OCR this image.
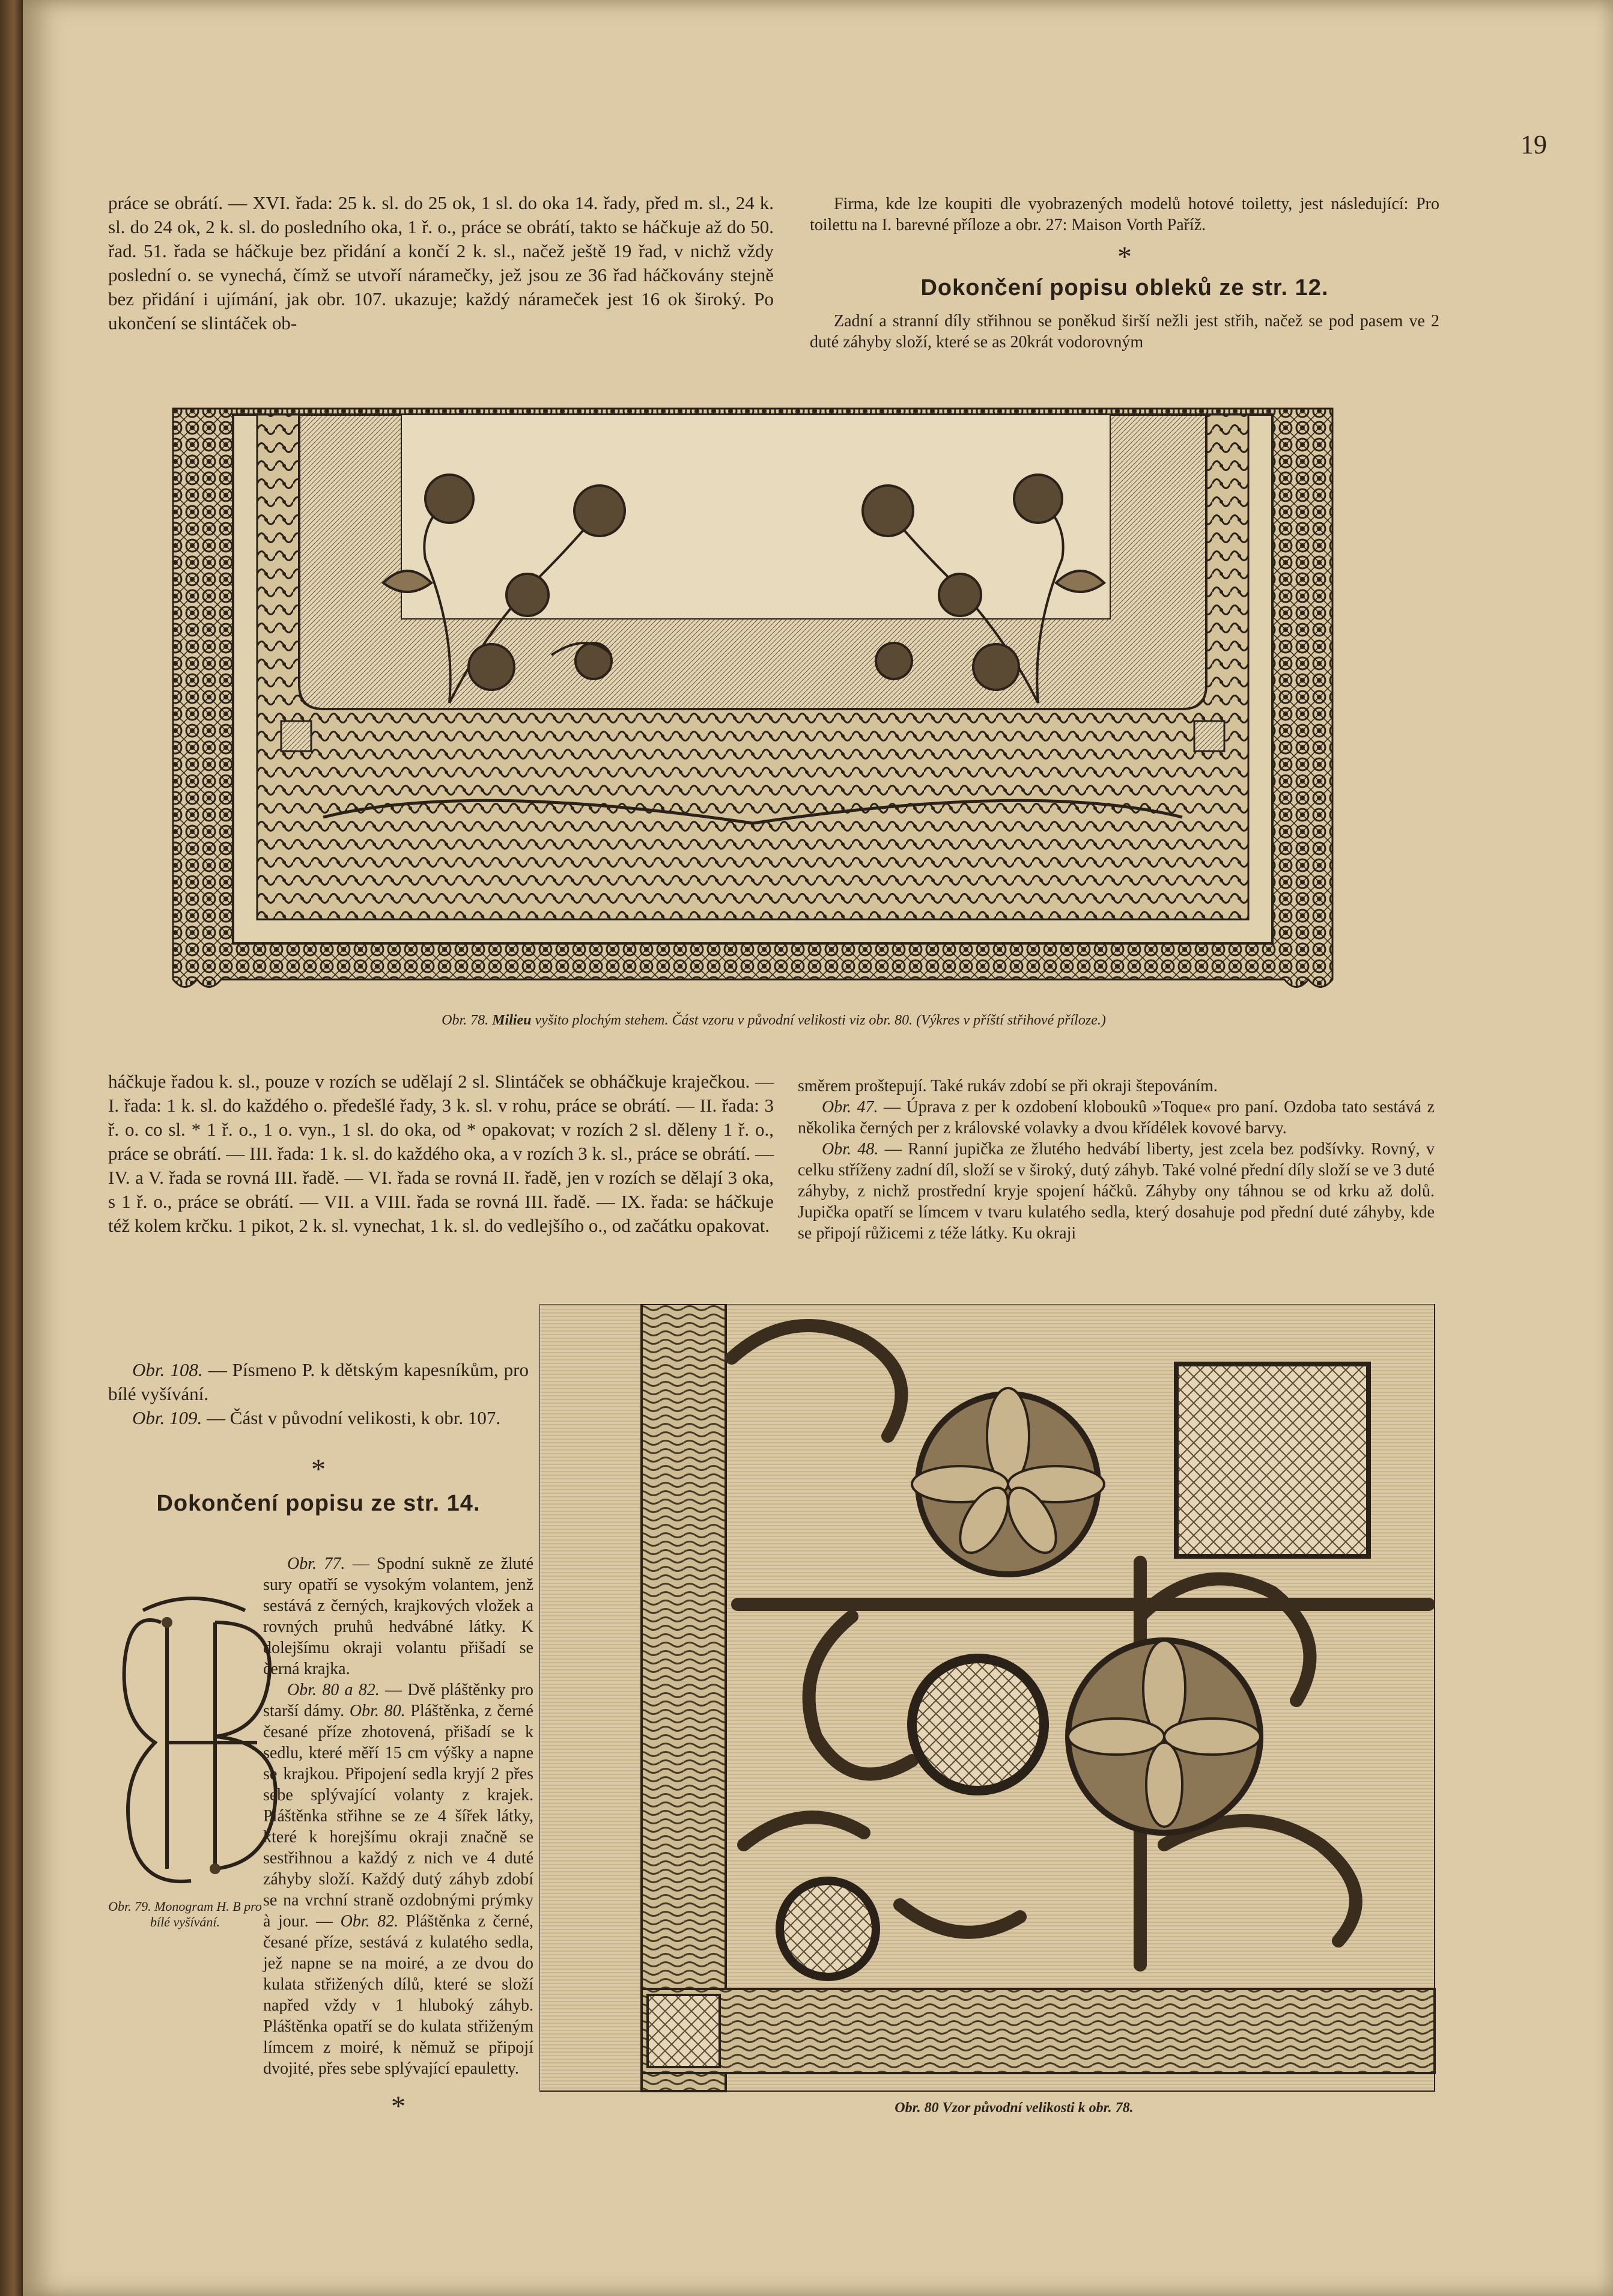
19

práce se obrátí. — XVI. řada: 25 k. sl. do 25 ok, 1 sl. do oka 14. řady, před m. sl., 24 k. sl. do 24 ok, 2 k. sl. do posledního oka, 1 ř. o., práce se obrátí, takto se háčkuje až do 50. řad. 51. řada se háčkuje bez přidání a končí 2 k. sl., načež ještě 19 řad, v nichž vždy poslední o. se vynechá, čímž se utvoří náramečky, jež jsou ze 36 řad háčkovány stejně bez přidání i ujímání, jak obr. 107. ukazuje; každý náramеček jest 16 ok široký. Po ukončení se slintáček ob-

Firma, kde lze koupiti dle vyobrazených modelů hotové toiletty, jest následující: Pro toilettu na I. barevné příloze a obr. 27: Maison Vorth Paříž.

*
Dokončení popisu obleků ze str. 12.

Zadní a stranní díly střihnou se poněkud širší nežli jest střih, načež se pod pasem ve 2 duté záhyby složí, které se as 20krát vodorovným

Obr. 78. Milieu vyšito plochým stehem. Část vzoru v původní velikosti viz obr. 80. (Výkres v příští střihové příloze.)

háčkuje řadou k. sl., pouze v rozích se udělají 2 sl. Slintáček se obháčkuje kraječkou. — I. řada: 1 k. sl. do každého o. předešlé řady, 3 k. sl. v rohu, práce se obrátí. — II. řada: 3 ř. o. co sl. * 1 ř. o., 1 o. vyn., 1 sl. do oka, od * opakovat; v rozích 2 sl. děleny 1 ř. o., práce se obrátí. — III. řada: 1 k. sl. do každého oka, a v rozích 3 k. sl., práce se obrátí. — IV. a V. řada se rovná III. řadě. — VI. řada se rovná II. řadě, jen v rozích se dělají 3 oka, s 1 ř. o., práce se obrátí. — VII. a VIII. řada se rovná III. řadě. — IX. řada: se háčkuje též kolem krčku. 1 pikot, 2 k. sl. vynechat, 1 k. sl. do vedlejšího o., od začátku opakovat.

Obr. 108. — Písmeno P. k dětským kapesníkům, pro bílé vyšívání.

Obr. 109. — Část v původní velikosti, k obr. 107.

*
Dokončení popisu ze str. 14.
Obr. 79. Monogram H. B pro bílé vyšívání.

Obr. 77. — Spodní sukně ze žluté sury opatří se vysokým volantem, jenž sestává z černých, krajkových vložek a rovných pruhů hedvábné látky. K dolejšímu okraji volantu přišadí se černá krajka.

Obr. 80 a 82. — Dvě pláštěnky pro starší dámy. Obr. 80. Pláštěnka, z černé česané příze zhotovená, přišadí se k sedlu, které měří 15 cm výšky a napne se krajkou. Připojení sedla kryjí 2 přes sebe splývající volanty z krajek. Pláštěnka střihne se ze 4 šířek látky, které k horejšímu okraji značně se sestřihnou a každý z nich ve 4 duté záhyby složí. Každý dutý záhyb zdobí se na vrchní straně ozdobnými prýmky à jour. — Obr. 82. Pláštěnka z černé, česané příze, sestává z kulatého sedla, jež napne se na moiré, a ze dvou do kulata střižených dílů, které se složí napřed vždy v 1 hluboký záhyb. Pláštěnka opatří se do kulata střiženým límcem z moiré, k němuž se připojí dvojité, přes sebe splývající epauletty.

*

směrem proštepují. Také rukáv zdobí se při okraji štepováním.

Obr. 47. — Úprava z per k ozdobení kloboukû »Toque« pro paní. Ozdoba tato sestává z několika černých per z královské volavky a dvou křídélek kovové barvy.

Obr. 48. — Ranní jupička ze žlutého hedvábí liberty, jest zcela bez podšívky. Rovný, v celku stříženy zadní díl, složí se v široký, dutý záhyb. Také volné přední díly složí se ve 3 duté záhyby, z nichž prostřední kryje spojení háčků. Záhyby ony táhnou se od krku až dolů. Jupička opatří se límcem v tvaru kulatého sedla, který dosahuje pod přední duté záhyby, kde se připojí růžicemi z téže látky. Ku okraji

Obr. 80 Vzor původní velikosti k obr. 78.
